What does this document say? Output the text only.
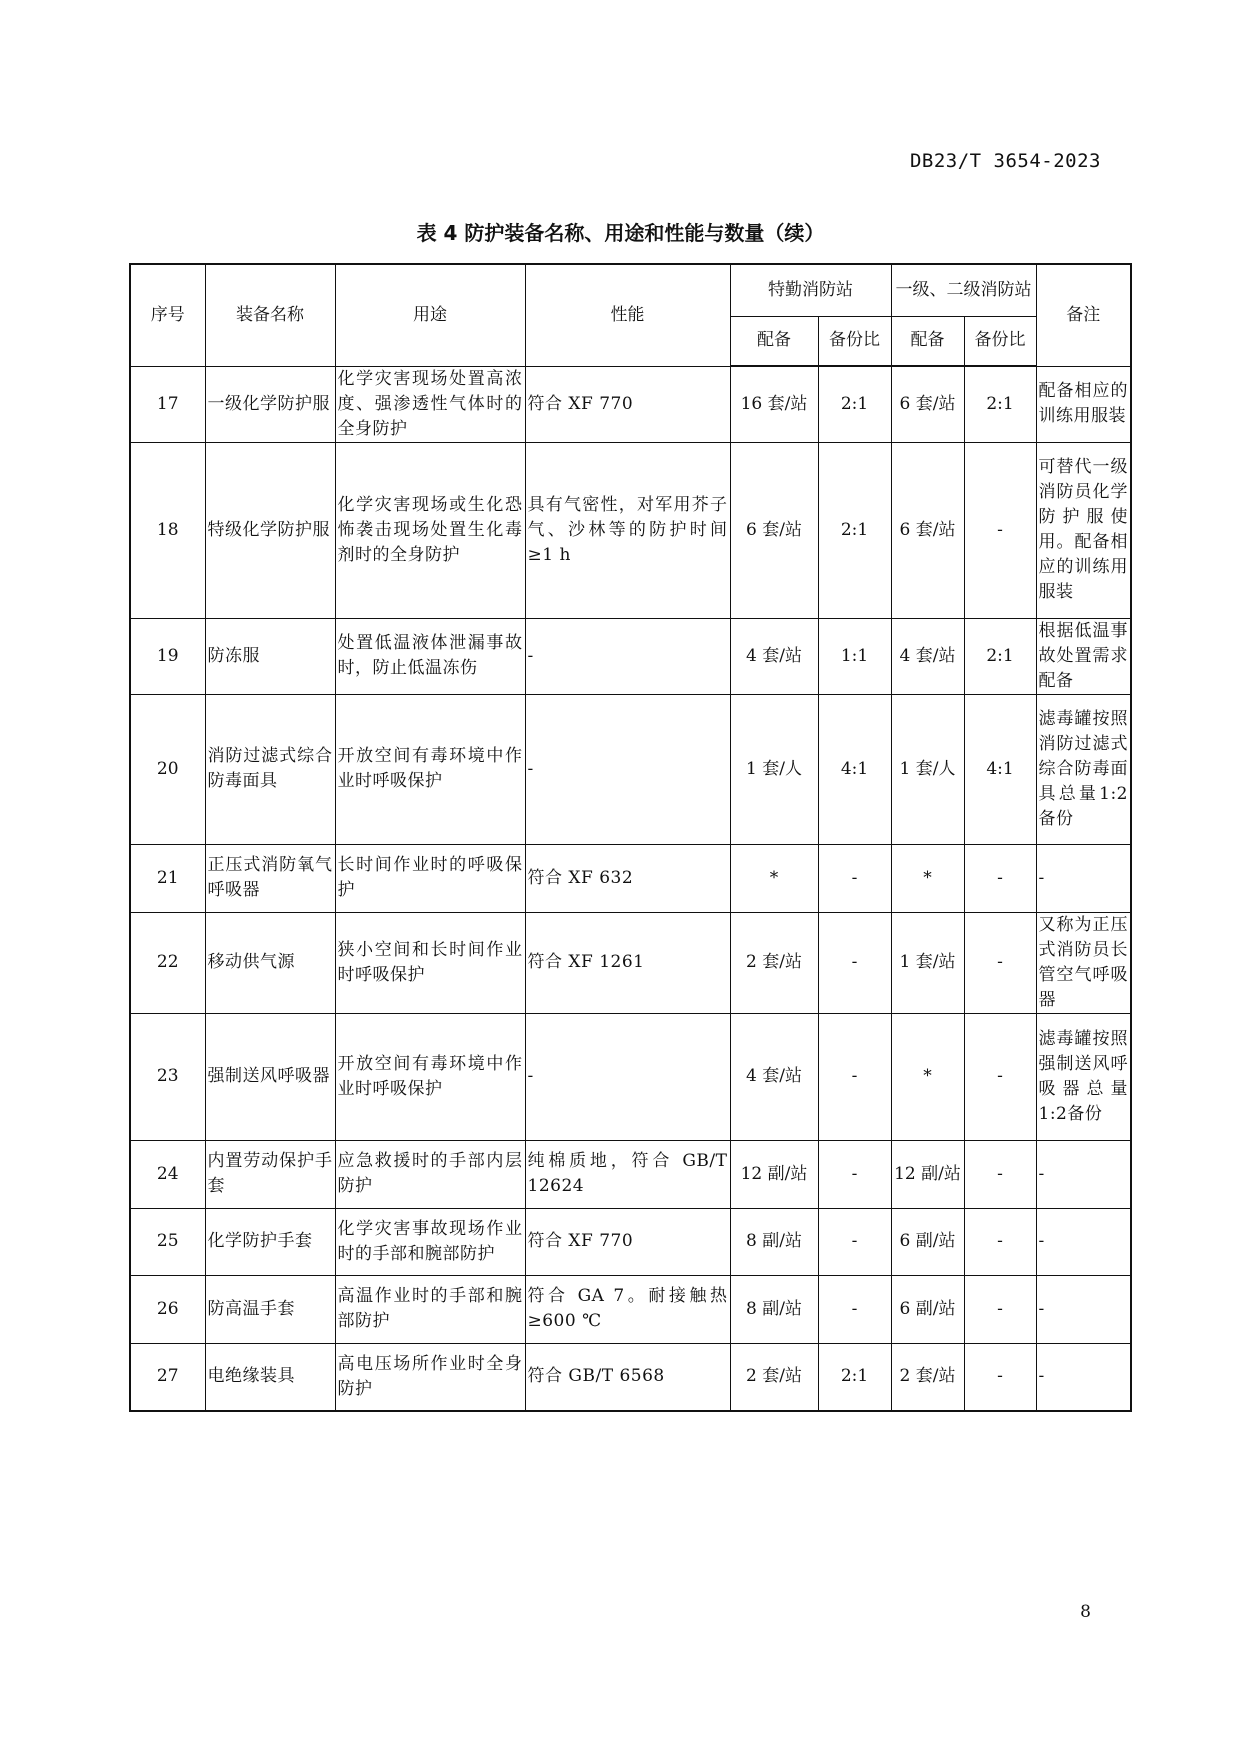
DB23/T 3654-2023
表 4 防护装备名称、用途和性能与数量（续）
序号	装备名称	用途	性能	特勤消防站		一级、二级消防站		备注
				配备	备份比	配备	备份比	
17	一级化学防护服	化学灾害现场处置高浓度、强渗透性气体时的全身防护	符合 XF 770	16 套/站	2:1	6 套/站	2:1	配备相应的训练用服装
18	特级化学防护服	化学灾害现场或生化恐怖袭击现场处置生化毒剂时的全身防护	具有气密性，对军用芥子气、沙林等的防护时间≥1 h	6 套/站	2:1	6 套/站	-	可替代一级消防员化学防护服使用。配备相应的训练用服装
19	防冻服	处置低温液体泄漏事故时，防止低温冻伤	-	4 套/站	1:1	4 套/站	2:1	根据低温事故处置需求配备
20	消防过滤式综合防毒面具	开放空间有毒环境中作业时呼吸保护	-	1 套/人	4:1	1 套/人	4:1	滤毒罐按照消防过滤式综合防毒面具总量1:2备份
21	正压式消防氧气呼吸器	长时间作业时的呼吸保护	符合 XF 632	*	-	*	-	-
22	移动供气源	狭小空间和长时间作业时呼吸保护	符合 XF 1261	2 套/站	-	1 套/站	-	又称为正压式消防员长管空气呼吸器
23	强制送风呼吸器	开放空间有毒环境中作业时呼吸保护	-	4 套/站	-	*	-	滤毒罐按照强制送风呼吸器总量1:2备份
24	内置劳动保护手套	应急救援时的手部内层防护	纯棉质地，符合 GB/T 12624	12 副/站	-	12 副/站	-	-
25	化学防护手套	化学灾害事故现场作业时的手部和腕部防护	符合 XF 770	8 副/站	-	6 副/站	-	-
26	防高温手套	高温作业时的手部和腕部防护	符合 GA 7。耐接触热≥600 ℃	8 副/站	-	6 副/站	-	-
27	电绝缘装具	高电压场所作业时全身防护	符合 GB/T 6568	2 套/站	2:1	2 套/站	-	-
8
